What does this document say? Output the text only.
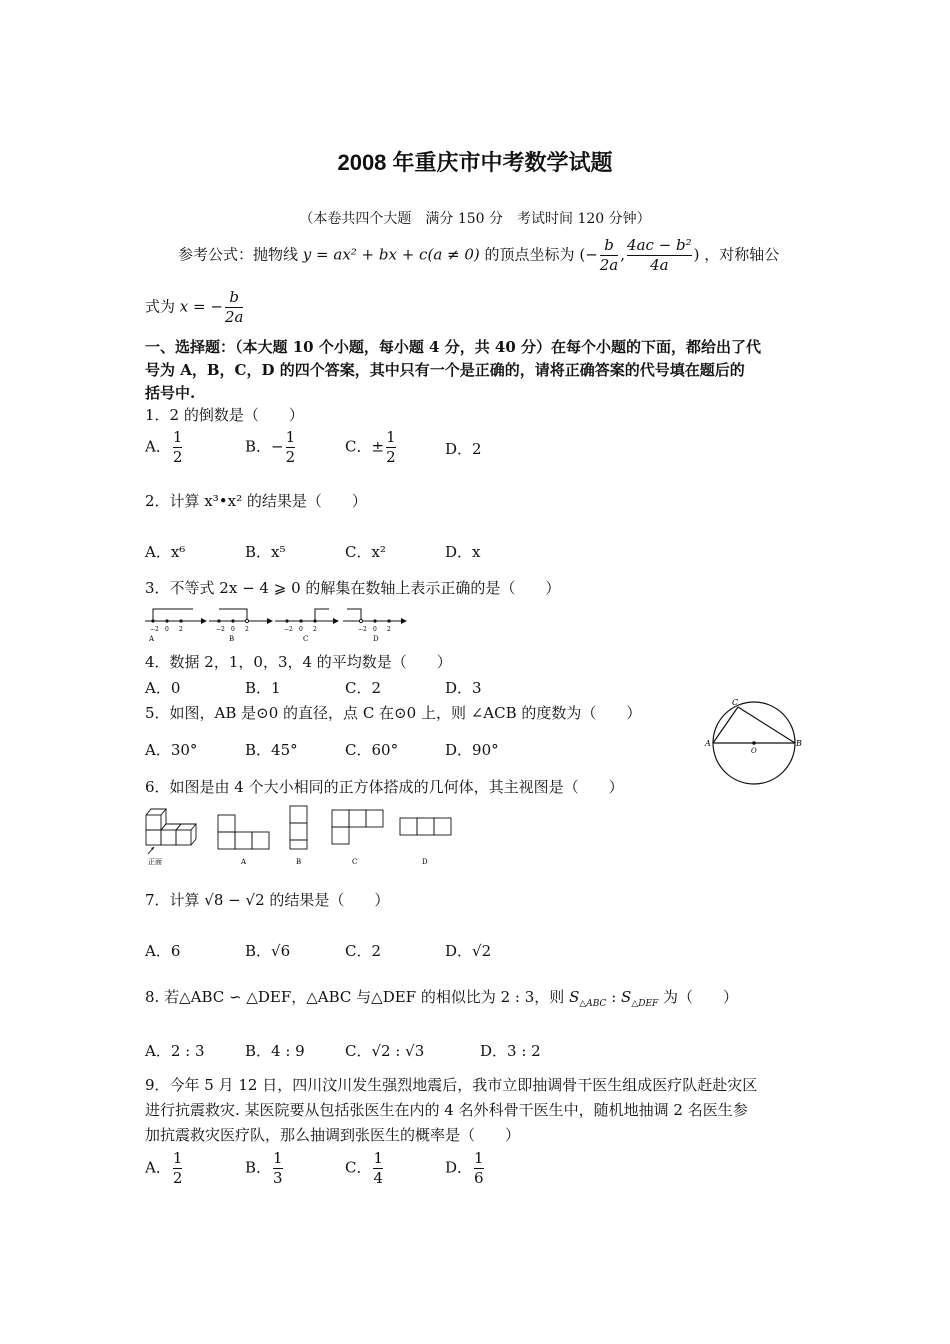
2008 年重庆市中考数学试题
（本卷共四个大题　满分 150 分　考试时间 120 分钟）
参考公式：抛物线 y = ax² + bx + c(a ≠ 0) 的顶点坐标为 (− $\frac{b}{2a}$ , $\frac{\text{4ac − b²}}{4a}$ ) ，对称轴公
式为 x = − $\frac{b}{2a}$
一、选择题：（本大题 10 个小题，每小题 4 分，共 40 分）在每个小题的下面，都给出了代
号为 A，B，C，D 的四个答案，其中只有一个是正确的，请将正确答案的代号填在题后的
括号中.
1．2 的倒数是（　　）
A． $\frac{1}{2}$	B．− $\frac{1}{2}$	C．± $\frac{1}{2}$	D．2
2．计算 x³•x² 的结果是（　　）
A．x⁶	B．x⁵	C．x²	D．x
3．不等式 2x − 4 ⩾ 0 的解集在数轴上表示正确的是（　　）
−2 0 2
A
−2 0 2
B
−2 0 2
C
−2 0 2
D
4．数据 2，1，0，3，4 的平均数是（　　）
A．0	B．1	C．2	D．3
5．如图，AB 是⊙0 的直径，点 C 在⊙0 上，则 ∠ACB 的度数为（　　）
A．30°	B．45°	C．60°	D．90°	A	B
C
O
6．如图是由 4 个大小相同的正方体搭成的几何体，其主视图是（　　）
正面	A	B	C	D
7．计算 √8 − √2 的结果是（　　）
A．6	B．√6	C．2	D．√2
8. 若△ABC ∽ △DEF，△ABC 与△DEF 的相似比为 2 : 3，则 $S_{\triangle ABC}$ : $S_{\triangle DEF}$ 为（　　）
A．2 : 3	B．4 : 9	C．√2 : √3	D．3 : 2
9．今年 5 月 12 日，四川汶川发生强烈地震后，我市立即抽调骨干医生组成医疗队赶赴灾区
进行抗震救灾. 某医院要从包括张医生在内的 4 名外科骨干医生中，随机地抽调 2 名医生参
加抗震救灾医疗队，那么抽调到张医生的概率是（　　）
A． $\frac{1}{2}$	B． $\frac{1}{3}$	C． $\frac{1}{4}$	D． $\frac{1}{6}$
